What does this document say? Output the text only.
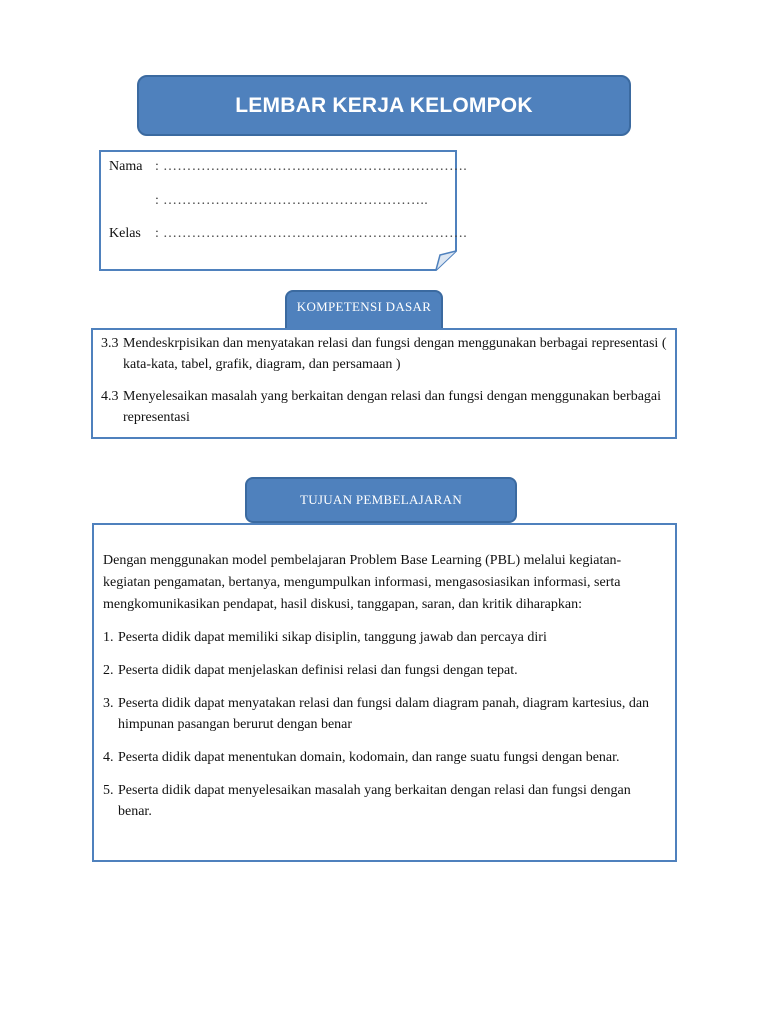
LEMBAR KERJA KELOMPOK
Nama : ……………………………………………………….
: ………………………………………………..
Kelas : ……………………………………………………….
KOMPETENSI DASAR
3.3 Mendeskrpisikan dan menyatakan relasi dan fungsi dengan menggunakan berbagai representasi ( kata-kata, tabel, grafik, diagram, dan persamaan )
4.3 Menyelesaikan masalah yang berkaitan dengan relasi dan fungsi dengan menggunakan berbagai representasi
TUJUAN PEMBELAJARAN

Dengan menggunakan model pembelajaran Problem Base Learning (PBL) melalui kegiatan-kegiatan pengamatan, bertanya, mengumpulkan informasi, mengasosiasikan informasi, serta mengkomunikasikan pendapat, hasil diskusi, tanggapan, saran, dan kritik diharapkan:

1. Peserta didik dapat memiliki sikap disiplin, tanggung jawab dan percaya diri
2. Peserta didik dapat menjelaskan definisi relasi dan fungsi dengan tepat.
3. Peserta didik dapat menyatakan relasi dan fungsi dalam diagram panah, diagram kartesius, dan himpunan pasangan berurut dengan benar
4. Peserta didik dapat menentukan domain, kodomain, dan range suatu fungsi dengan benar.
5. Peserta didik dapat menyelesaikan masalah yang berkaitan dengan relasi dan fungsi dengan benar.
